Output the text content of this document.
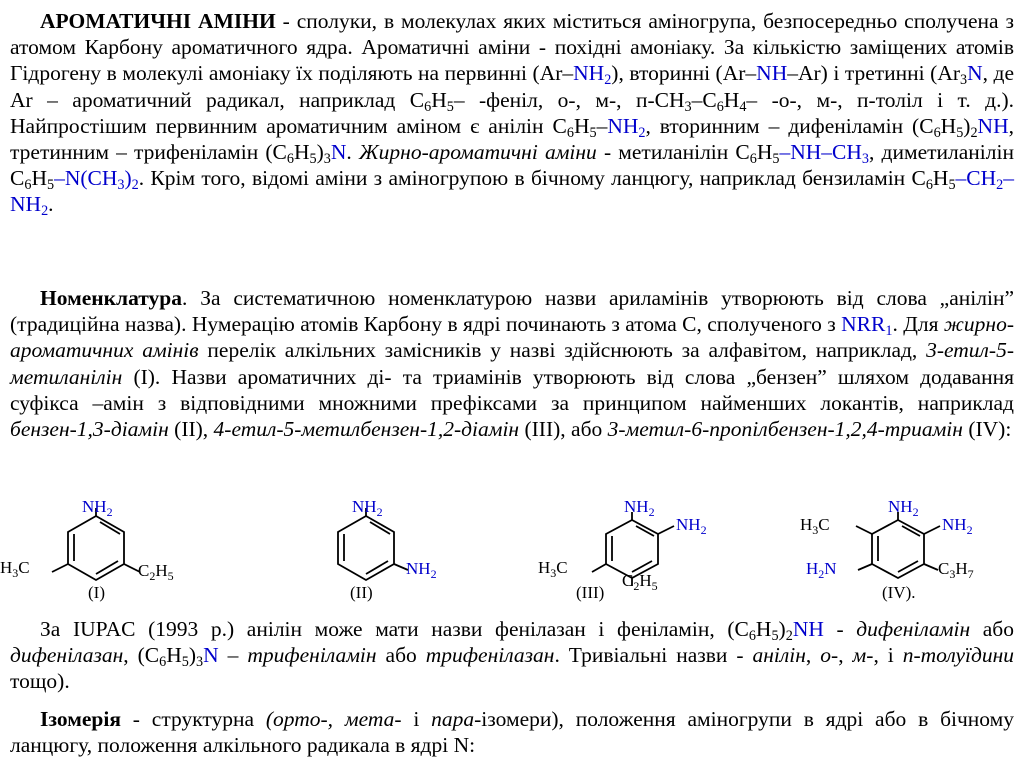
АРОМАТИЧНІ АМІНИ - сполуки, в молекулах яких міститься аміногрупа, безпосередньо сполучена з атомом Карбону ароматичного ядра. Ароматичні аміни - похідні амоніаку. За кількістю заміщених атомів Гідрогену в молекулі амоніаку їх поділяють на первинні $(Ar-NH_2)$, вторинні (Ar–NH–Ar) і третинні ($Ar_3N$, де Ar – ароматичний радикал, наприклад $C_6H_5-$ -феніл, о-, м-, $п-CH_3-C_6H_4-$ -о-, м-, п-толіл і т. д.). Найпростішим первинним ароматичним аміном є анілін $C_6H_5-NH_2$, вторинним – дифеніламін $(C_6H_5)_2NH$, третинним – трифеніламін $(C_6H_5)_3N$. Жирно-ароматичні аміни - метиланілін $C_6H_5-NH-CH_3$, диметиланілін $C_6H_5-N(CH_3)_2$. Крім того, відомі аміни з аміногрупою в бічному ланцюгу, наприклад бензиламін $C_6H_5-CH_2-NH_2$.

Номенклатура. За систематичною номенклатурою назви ариламінів утворюють від слова „анілін” (традиційна назва). Нумерацію атомів Карбону в ядрі починають з атома С, сполученого з $NRR_1$. Для жирно-ароматичних амінів перелік алкільних замісників у назві здійснюють за алфавітом, наприклад, 3-етил-5-метиланілін (I). Назви ароматичних ді- та триамінів утворюють від слова „бензен” шляхом додавання суфікса –амін з відповідними множними префіксами за принципом найменших локантів, наприклад бензен-1,3-діамін (II), 4-етил-5-метилбензен-1,2-діамін (III), або 3-метил-6-пропілбензен-1,2,4-триамін (IV):

$NH_2$
$H_3C$	$C_2H_5$
(I)
$NH_2$
$NH_2$
(II)
$NH_2$
$NH_2$
$H_3C$
$C_2H_5$
(III)
$NH_2$
$NH_2$
$H_3C$
$H_2N$	$C_3H_7$
(IV).

За IUPAC (1993 р.) анілін може мати назви фенілазан і феніламін, $(C_6H_5)_2NH$ - дифеніламін або дифенілазан, $(C_6H_5)_3N$ – трифеніламін або трифенілазан. Тривіальні назви - анілін, о-, м-, і п-толуїдини тощо).

Ізомерія - структурна (орто-, мета- і пара-ізомери), положення аміногрупи в ядрі або в бічному ланцюгу, положення алкільного радикала в ядрі N:
